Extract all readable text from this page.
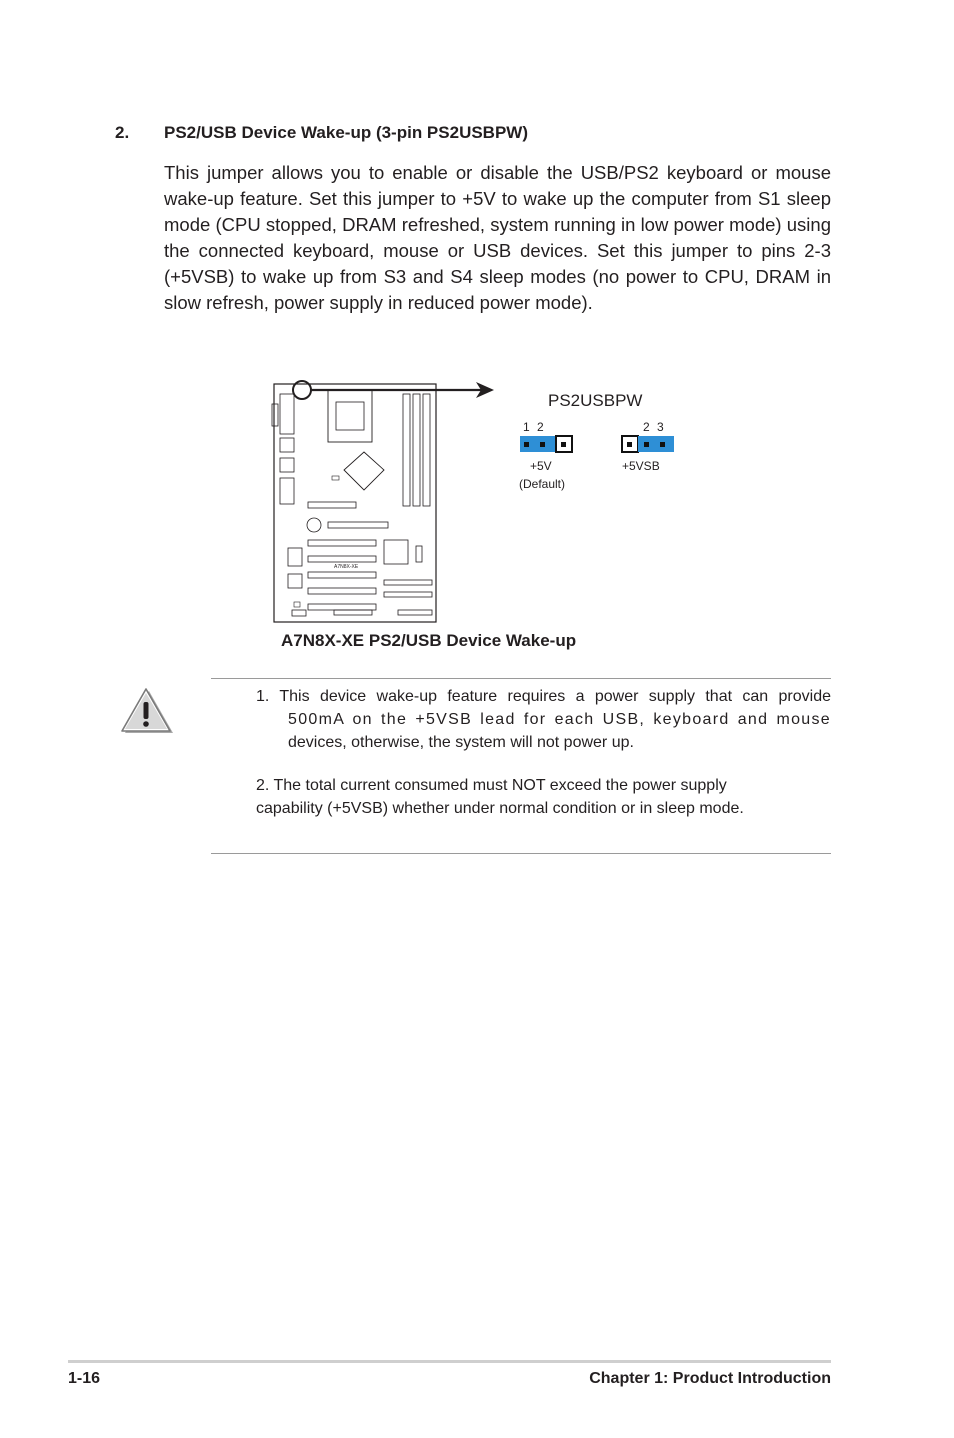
2. PS2/USB Device Wake-up (3-pin PS2USBPW)
This jumper allows you to enable or disable the USB/PS2 keyboard or mouse wake-up feature. Set this jumper to +5V to wake up the computer from S1 sleep mode (CPU stopped, DRAM refreshed, system running in low power mode) using the connected keyboard, mouse or USB devices. Set this jumper to pins 2-3 (+5VSB) to wake up from S3 and S4 sleep modes (no power to CPU, DRAM in slow refresh, power supply in reduced power mode).
A7N8X-XE
PS2USBPW
1 2	2 3
+5V
(Default)
+5VSB
A7N8X-XE PS2/USB Device Wake-up
1. This device wake-up feature requires a power supply that can provide
500mA on the +5VSB lead for each USB, keyboard and mouse
devices, otherwise, the system will not power up.
2. The total current consumed must NOT exceed the power supply capability (+5VSB) whether under normal condition or in sleep mode.
1-16	Chapter 1: Product Introduction
